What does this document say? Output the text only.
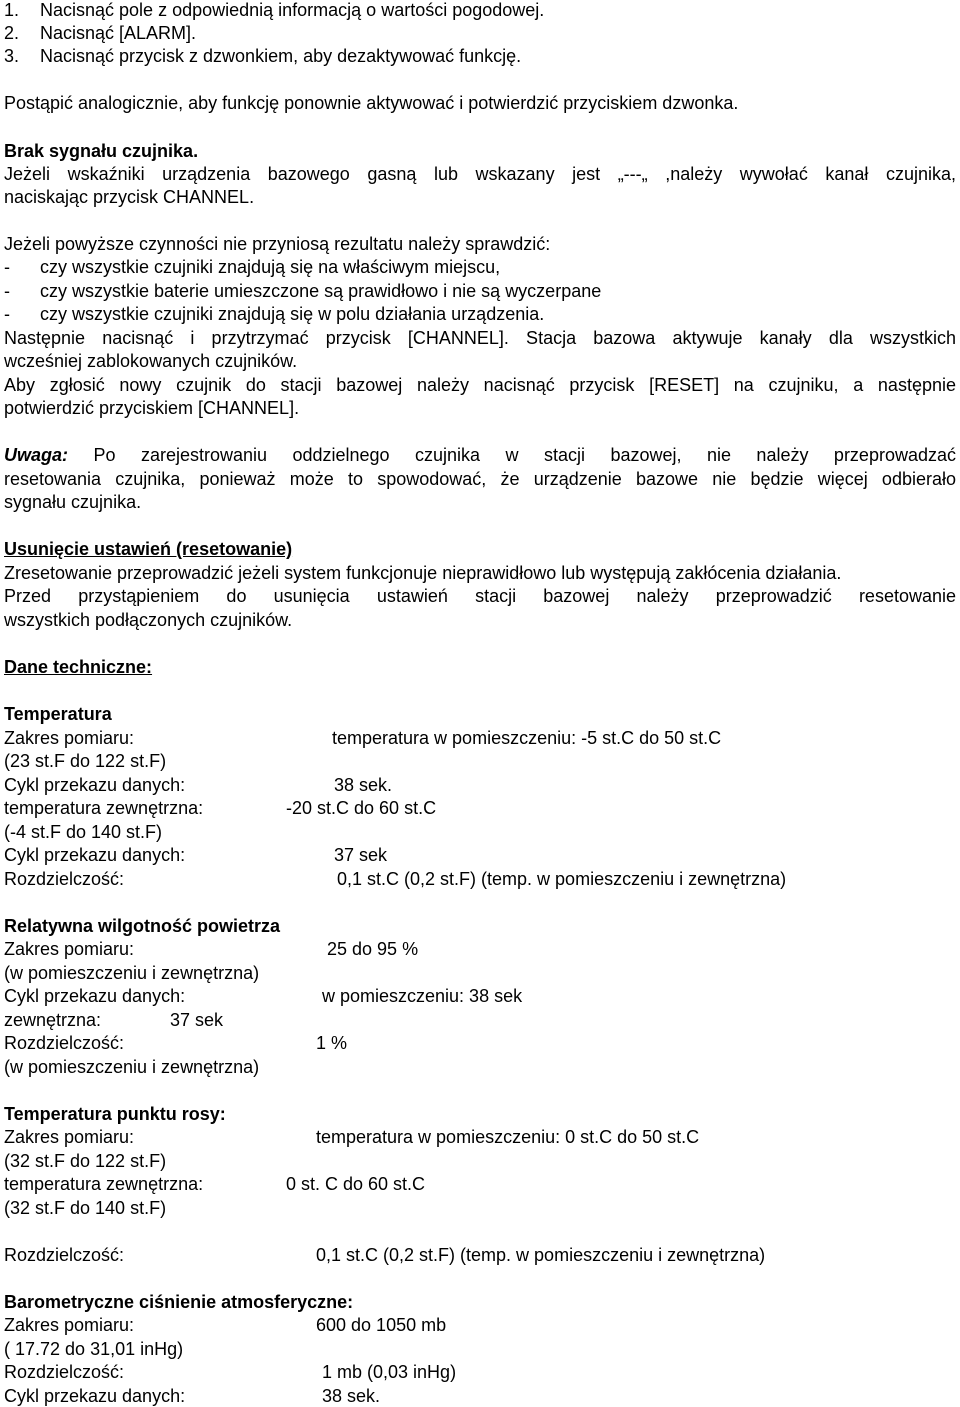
1. Nacisnąć pole z odpowiednią informacją o wartości pogodowej.
2. Nacisnąć [ALARM].
3. Nacisnąć przycisk z dzwonkiem, aby dezaktywować funkcję.
Postąpić analogicznie, aby funkcję ponownie aktywować i potwierdzić przyciskiem dzwonka.
Brak sygnału czujnika.
Jeżeli wskaźniki urządzenia bazowego gasną lub wskazany jest „---„ ,należy wywołać kanał czujnika,
naciskając przycisk CHANNEL.
Jeżeli powyższe czynności nie przyniosą rezultatu należy sprawdzić:
- czy wszystkie czujniki znajdują się na właściwym miejscu,
- czy wszystkie baterie umieszczone są prawidłowo i nie są wyczerpane
- czy wszystkie czujniki znajdują się w polu działania urządzenia.
Następnie nacisnąć i przytrzymać przycisk [CHANNEL]. Stacja bazowa aktywuje kanały dla wszystkich
wcześniej zablokowanych czujników.
Aby zgłosić nowy czujnik do stacji bazowej należy nacisnąć przycisk [RESET] na czujniku, a następnie
potwierdzić przyciskiem [CHANNEL].
Uwaga: Po zarejestrowaniu oddzielnego czujnika w stacji bazowej, nie należy przeprowadzać
resetowania czujnika, ponieważ może to spowodować, że urządzenie bazowe nie będzie więcej odbierało
sygnału czujnika.
Usunięcie ustawień (resetowanie)
Zresetowanie przeprowadzić jeżeli system funkcjonuje nieprawidłowo lub występują zakłócenia działania.
Przed przystąpieniem do usunięcia ustawień stacji bazowej należy przeprowadzić resetowanie
wszystkich podłączonych czujników.
Dane techniczne:
Temperatura
Zakres pomiaru:	temperatura w pomieszczeniu: -5 st.C do 50 st.C
(23 st.F do 122 st.F)
Cykl przekazu danych:	38 sek.
temperatura zewnętrzna:	-20 st.C do 60 st.C
(-4 st.F do 140 st.F)
Cykl przekazu danych:	37 sek
Rozdzielczość:	0,1 st.C (0,2 st.F) (temp. w pomieszczeniu i zewnętrzna)
Relatywna wilgotność powietrza
Zakres pomiaru:	25 do 95 %
(w pomieszczeniu i zewnętrzna)
Cykl przekazu danych:	w pomieszczeniu: 38 sek
zewnętrzna:	37 sek
Rozdzielczość:	1 %
(w pomieszczeniu i zewnętrzna)
Temperatura punktu rosy:
Zakres pomiaru:	temperatura w pomieszczeniu: 0 st.C do 50 st.C
(32 st.F do 122 st.F)
temperatura zewnętrzna:	0 st. C do 60 st.C
(32 st.F do 140 st.F)
Rozdzielczość:	0,1 st.C (0,2 st.F) (temp. w pomieszczeniu i zewnętrzna)
Barometryczne ciśnienie atmosferyczne:
Zakres pomiaru:	600 do 1050 mb
( 17.72 do 31,01 inHg)
Rozdzielczość:	1 mb (0,03 inHg)
Cykl przekazu danych:	38 sek.
